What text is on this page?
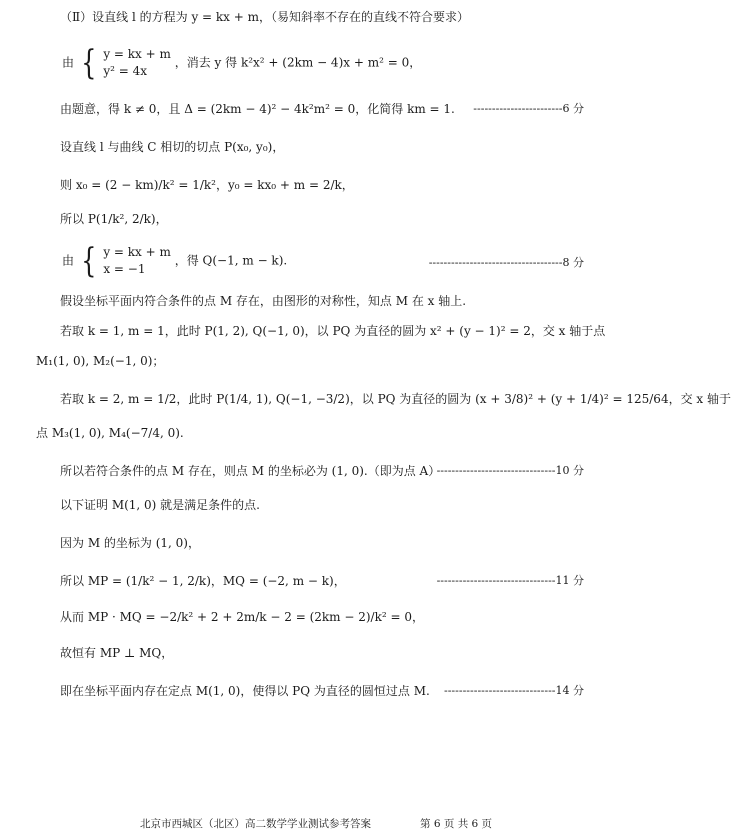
（Ⅱ）设直线 l 的方程为 y = kx + m，（易知斜率不存在的直线不符合要求）
由 { y = kx + m
y² = 4x ，消去 y 得 k²x² + (2km − 4)x + m² = 0，
由题意，得 k ≠ 0，且 Δ = (2km − 4)² − 4k²m² = 0，化简得 km = 1.	------------------------6 分
设直线 l 与曲线 C 相切的切点 P(x₀, y₀)，
则 x₀ = (2 − km)/k² = 1/k²，y₀ = kx₀ + m = 2/k，
所以 P(1/k², 2/k)，
由 { y = kx + m
x = −1 ，得 Q(−1, m − k).	------------------------------------8 分
假设坐标平面内符合条件的点 M 存在，由图形的对称性，知点 M 在 x 轴上.
若取 k = 1, m = 1，此时 P(1, 2), Q(−1, 0)，以 PQ 为直径的圆为 x² + (y − 1)² = 2，交 x 轴于点
M₁(1, 0), M₂(−1, 0)；
若取 k = 2, m = 1/2，此时 P(1/4, 1), Q(−1, −3/2)，以 PQ 为直径的圆为 (x + 3/8)² + (y + 1/4)² = 125/64，交 x 轴于
点 M₃(1, 0), M₄(−7/4, 0).
所以若符合条件的点 M 存在，则点 M 的坐标必为 (1, 0).（即为点 A）
--------------------------------10 分
以下证明 M(1, 0) 就是满足条件的点.
因为 M 的坐标为 (1, 0)，
所以 MP = (1/k² − 1, 2/k)，MQ = (−2, m − k)，	--------------------------------11 分
从而 MP · MQ = −2/k² + 2 + 2m/k − 2 = (2km − 2)/k² = 0，
故恒有 MP ⊥ MQ，
即在坐标平面内存在定点 M(1, 0)，使得以 PQ 为直径的圆恒过点 M.	------------------------------14 分
北京市西城区（北区）高二数学学业测试参考答案	第 6 页 共 6 页
